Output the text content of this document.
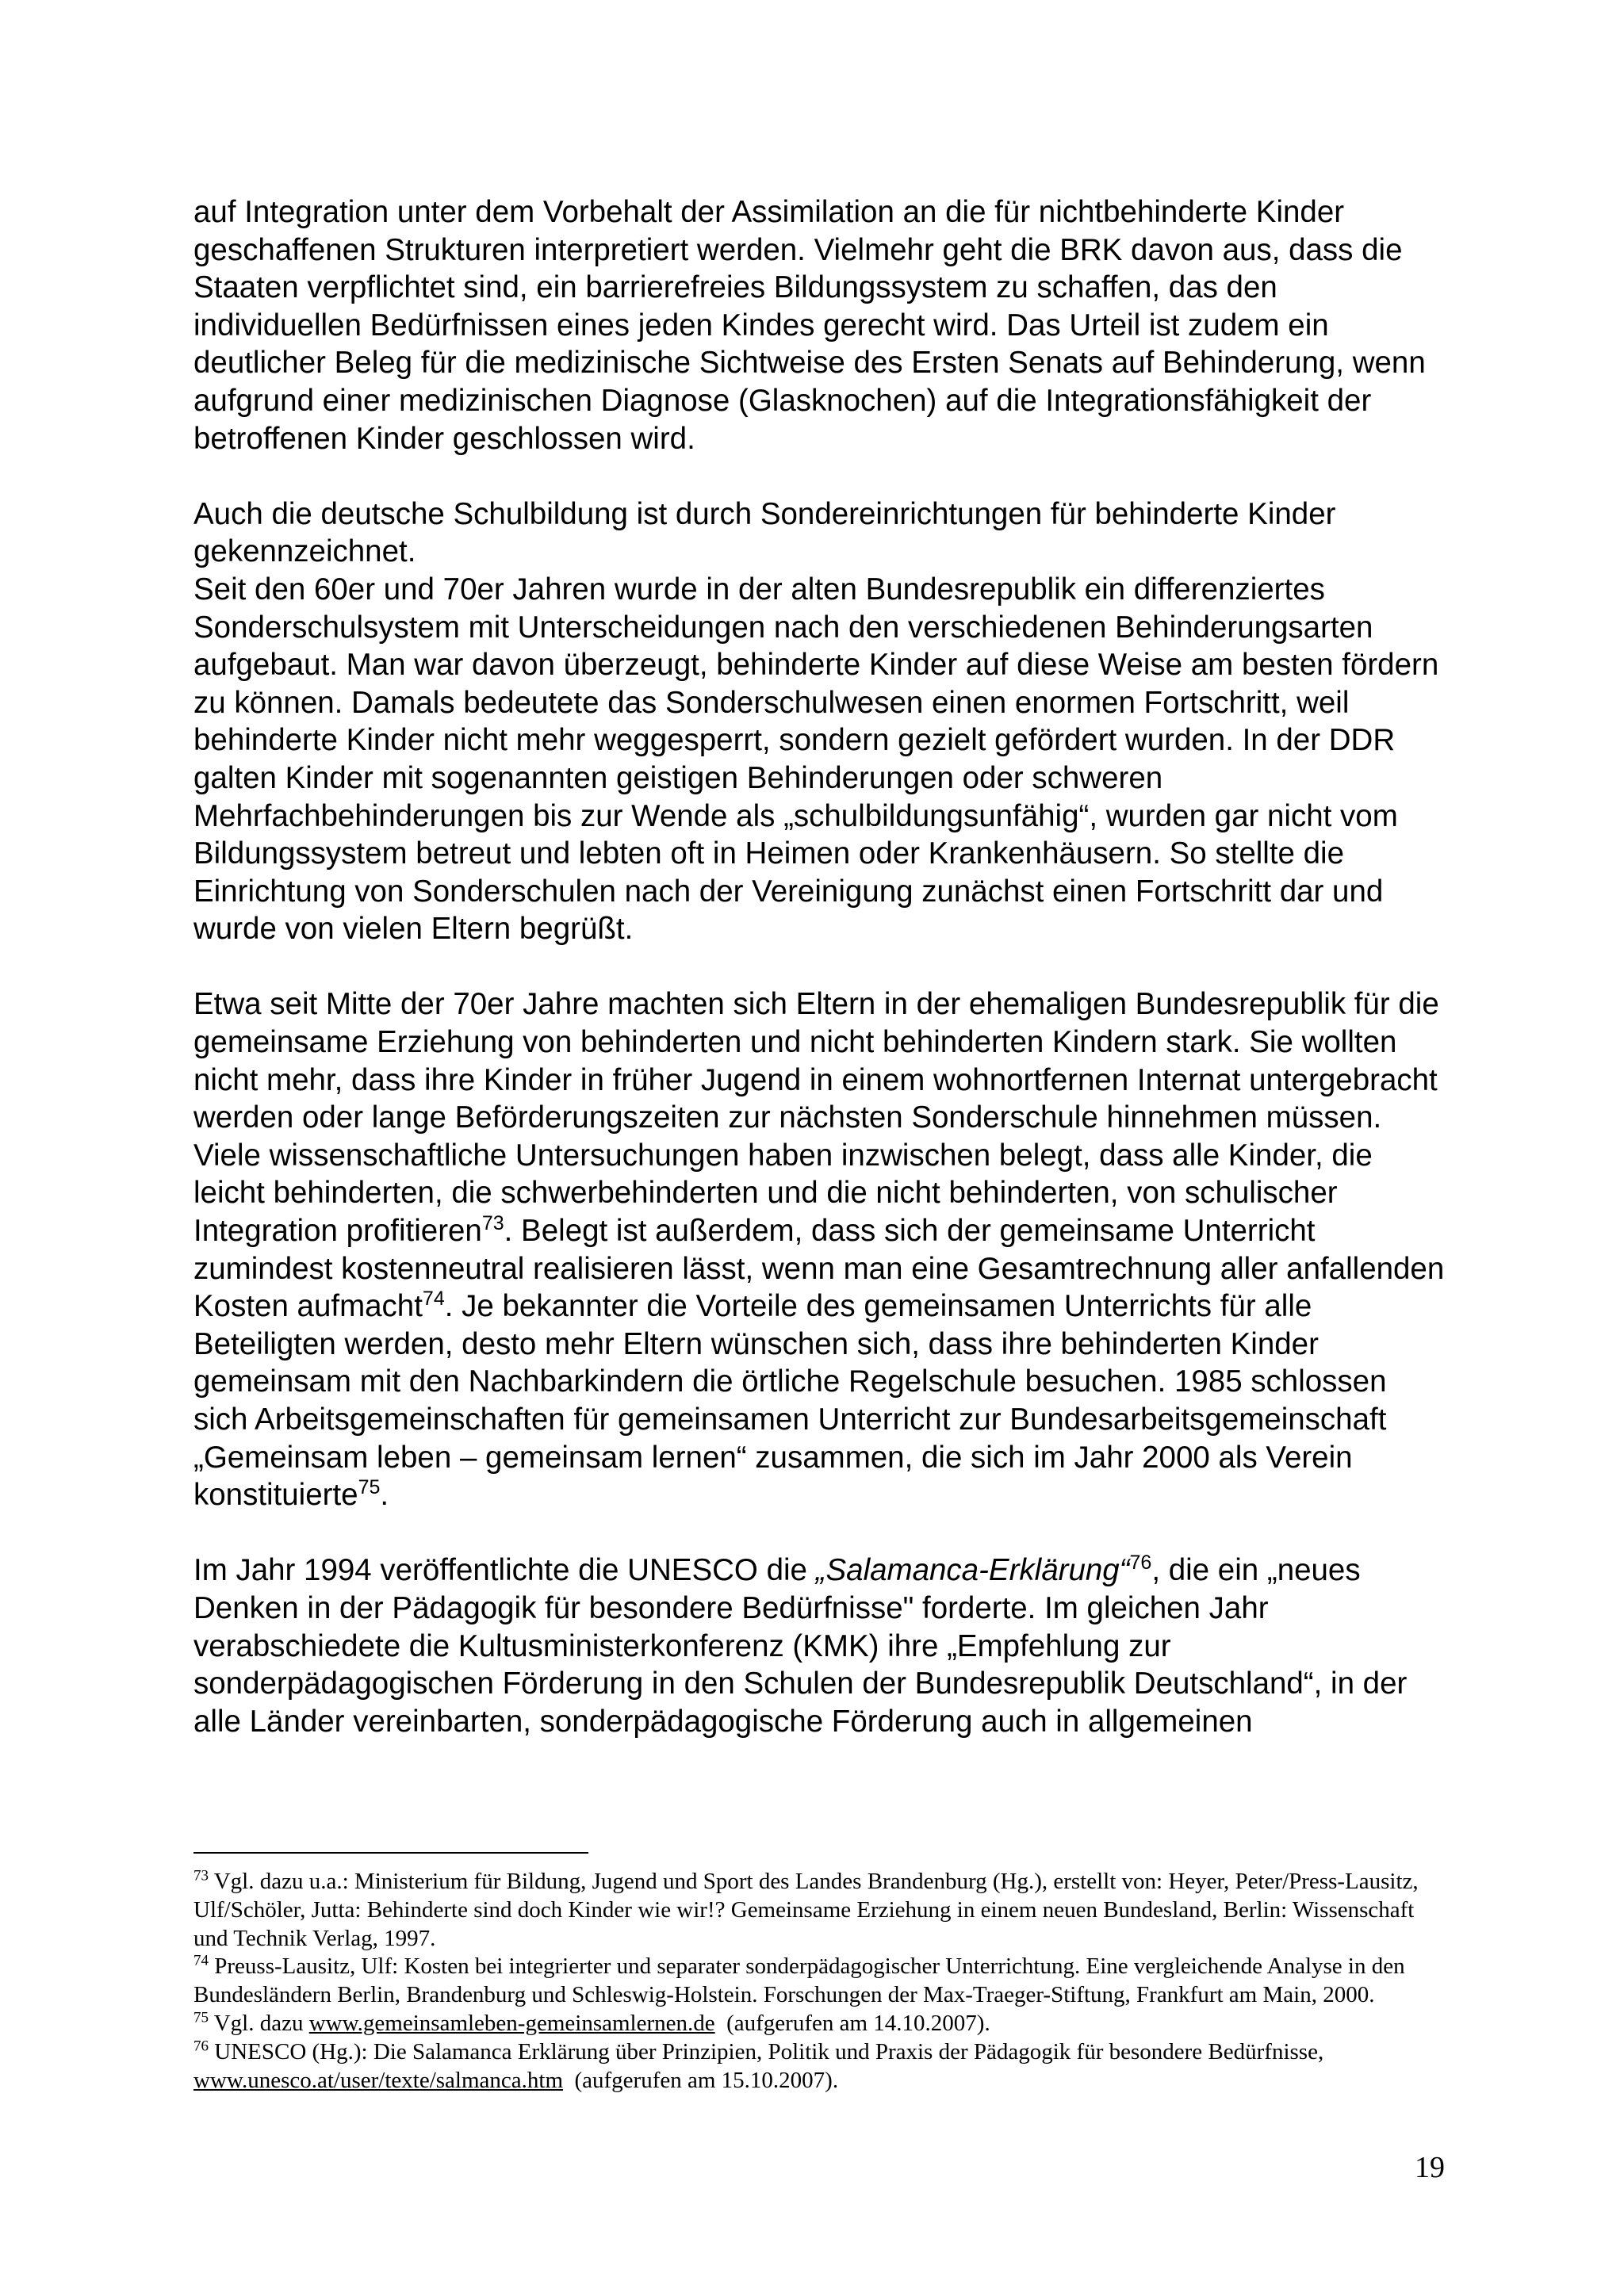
auf Integration unter dem Vorbehalt der Assimilation an die für nichtbehinderte Kinder geschaffenen Strukturen interpretiert werden. Vielmehr geht die BRK davon aus, dass die Staaten verpflichtet sind, ein barrierefreies Bildungssystem zu schaffen, das den individuellen Bedürfnissen eines jeden Kindes gerecht wird. Das Urteil ist zudem ein deutlicher Beleg für die medizinische Sichtweise des Ersten Senats auf Behinderung, wenn aufgrund einer medizinischen Diagnose (Glasknochen) auf die Integrationsfähigkeit der betroffenen Kinder geschlossen wird.

Auch die deutsche Schulbildung ist durch Sondereinrichtungen für behinderte Kinder gekennzeichnet.

Seit den 60er und 70er Jahren wurde in der alten Bundesrepublik ein differenziertes Sonderschulsystem mit Unterscheidungen nach den verschiedenen Behinderungsarten aufgebaut. Man war davon überzeugt, behinderte Kinder auf diese Weise am besten fördern zu können. Damals bedeutete das Sonderschulwesen einen enormen Fortschritt, weil behinderte Kinder nicht mehr weggesperrt, sondern gezielt gefördert wurden. In der DDR galten Kinder mit sogenannten geistigen Behinderungen oder schweren Mehrfachbehinderungen bis zur Wende als „schulbildungsunfähig“, wurden gar nicht vom Bildungssystem betreut und lebten oft in Heimen oder Krankenhäusern. So stellte die Einrichtung von Sonderschulen nach der Vereinigung zunächst einen Fortschritt dar und wurde von vielen Eltern begrüßt.

Etwa seit Mitte der 70er Jahre machten sich Eltern in der ehemaligen Bundesrepublik für die gemeinsame Erziehung von behinderten und nicht behinderten Kindern stark. Sie wollten nicht mehr, dass ihre Kinder in früher Jugend in einem wohnortfernen Internat untergebracht werden oder lange Beförderungszeiten zur nächsten Sonderschule hinnehmen müssen. Viele wissenschaftliche Untersuchungen haben inzwischen belegt, dass alle Kinder, die leicht behinderten, die schwerbehinderten und die nicht behinderten, von schulischer Integration profitieren$^{73}$. Belegt ist außerdem, dass sich der gemeinsame Unterricht zumindest kostenneutral realisieren lässt, wenn man eine Gesamtrechnung aller anfallenden Kosten aufmacht$^{74}$. Je bekannter die Vorteile des gemeinsamen Unterrichts für alle Beteiligten werden, desto mehr Eltern wünschen sich, dass ihre behinderten Kinder gemeinsam mit den Nachbarkindern die örtliche Regelschule besuchen. 1985 schlossen sich Arbeitsgemeinschaften für gemeinsamen Unterricht zur Bundesarbeitsgemeinschaft „Gemeinsam leben – gemeinsam lernen“ zusammen, die sich im Jahr 2000 als Verein konstituierte$^{75}$.

Im Jahr 1994 veröffentlichte die UNESCO die „Salamanca-Erklärung“$^{76}$, die ein „neues Denken in der Pädagogik für besondere Bedürfnisse" forderte. Im gleichen Jahr verabschiedete die Kultusministerkonferenz (KMK) ihre „Empfehlung zur sonderpädagogischen Förderung in den Schulen der Bundesrepublik Deutschland“, in der alle Länder vereinbarten, sonderpädagogische Förderung auch in allgemeinen

$^{73}$ Vgl. dazu u.a.: Ministerium für Bildung, Jugend und Sport des Landes Brandenburg (Hg.), erstellt von: Heyer, Peter/Press-Lausitz, Ulf/Schöler, Jutta: Behinderte sind doch Kinder wie wir!? Gemeinsame Erziehung in einem neuen Bundesland, Berlin: Wissenschaft und Technik Verlag, 1997.

$^{74}$ Preuss-Lausitz, Ulf: Kosten bei integrierter und separater sonderpädagogischer Unterrichtung. Eine vergleichende Analyse in den Bundesländern Berlin, Brandenburg und Schleswig-Holstein. Forschungen der Max-Traeger-Stiftung, Frankfurt am Main, 2000.

$^{75}$ Vgl. dazu www.gemeinsamleben-gemeinsamlernen.de  (aufgerufen am 14.10.2007).

$^{76}$ UNESCO (Hg.): Die Salamanca Erklärung über Prinzipien, Politik und Praxis der Pädagogik für besondere Bedürfnisse, www.unesco.at/user/texte/salmanca.htm  (aufgerufen am 15.10.2007).

19
